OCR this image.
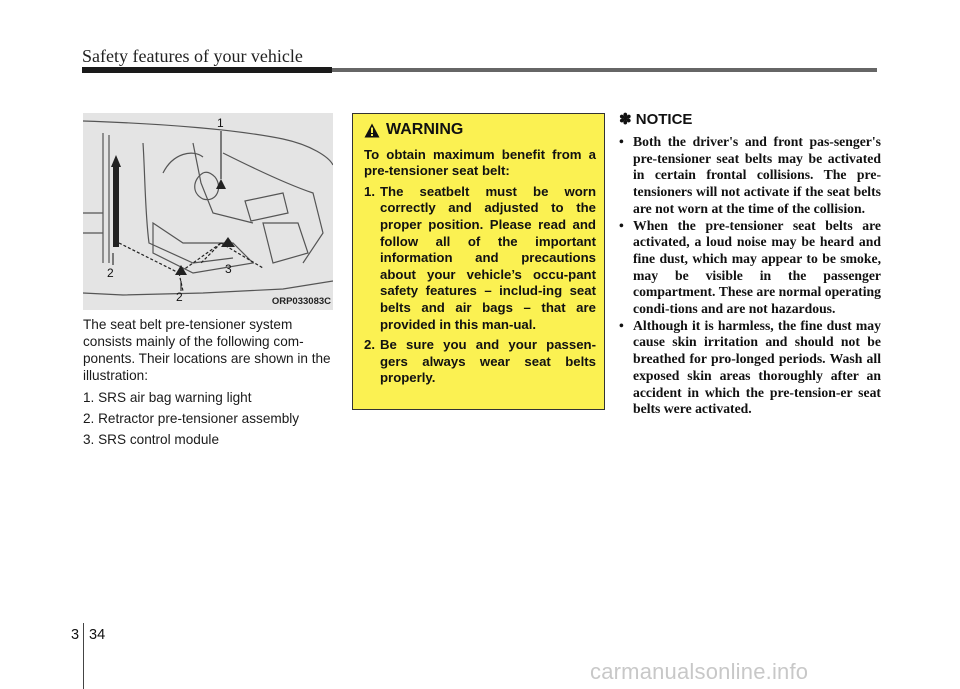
Safety features of your vehicle
1
2	3
2	ORP033083C

The seat belt pre-tensioner system consists mainly of the following com-ponents. Their locations are shown in the illustration:

1. SRS air bag warning light

2. Retractor pre-tensioner assembly

3. SRS control module

WARNING

To obtain maximum benefit from a pre-tensioner seat belt:

1. The seatbelt must be worn correctly and adjusted to the proper position. Please read and follow all of the important information and precautions about your vehicle’s occu-pant safety features – includ-ing seat belts and air bags – that are provided in this man-ual.
2. Be sure you and your passen-gers always wear seat belts properly.
✽ NOTICE
• Both the driver's and front pas-senger's pre-tensioner seat belts may be activated in certain frontal collisions. The pre-tensioners will not activate if the seat belts are not worn at the time of the collision.
• When the pre-tensioner seat belts are activated, a loud noise may be heard and fine dust, which may appear to be smoke, may be visible in the passenger compartment. These are normal operating condi-tions and are not hazardous.
• Although it is harmless, the fine dust may cause skin irritation and should not be breathed for pro-longed periods. Wash all exposed skin areas thoroughly after an accident in which the pre-tension-er seat belts were activated.
3 34
carmanualsonline.info
